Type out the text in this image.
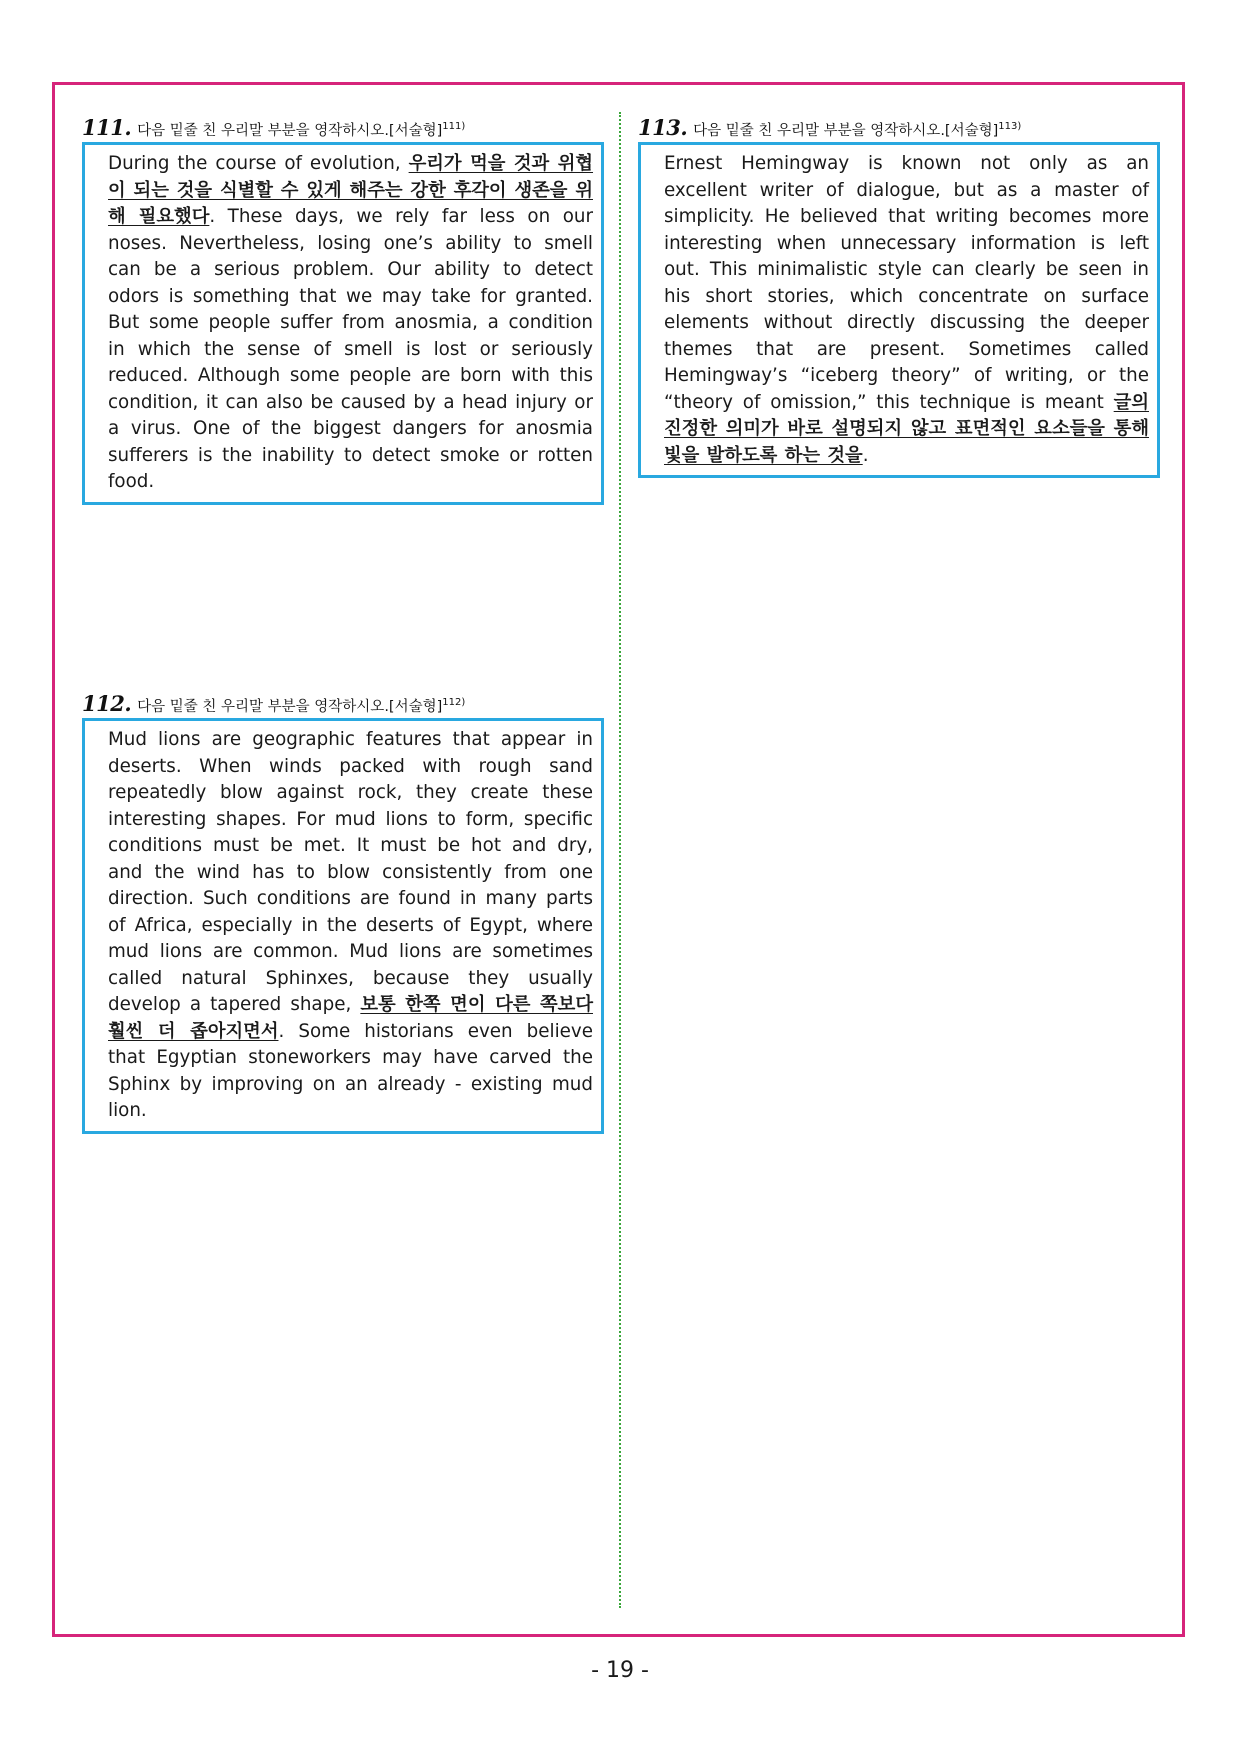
111. 다음 밑줄 친 우리말 부분을 영작하시오.[서술형]$^{111)}$
During the course of evolution, 우리가 먹을 것과 위협이 되는 것을 식별할 수 있게 해주는 강한 후각이 생존을 위해 필요했다. These days, we rely far less on our noses. Nevertheless, losing one’s ability to smell can be a serious problem. Our ability to detect odors is something that we may take for granted. But some people suffer from anosmia, a condition in which the sense of smell is lost or seriously reduced. Although some people are born with this condition, it can also be caused by a head injury or a virus. One of the biggest dangers for anosmia sufferers is the inability to detect smoke or rotten food.
112. 다음 밑줄 친 우리말 부분을 영작하시오.[서술형]$^{112)}$
Mud lions are geographic features that appear in deserts. When winds packed with rough sand repeatedly blow against rock, they create these interesting shapes. For mud lions to form, specific conditions must be met. It must be hot and dry, and the wind has to blow consistently from one direction. Such conditions are found in many parts of Africa, especially in the deserts of Egypt, where mud lions are common. Mud lions are sometimes called natural Sphinxes, because they usually develop a tapered shape, 보통 한쪽 면이 다른 쪽보다 훨씬 더 좁아지면서. Some historians even believe that Egyptian stoneworkers may have carved the Sphinx by improving on an already - existing mud lion.
113. 다음 밑줄 친 우리말 부분을 영작하시오.[서술형]$^{113)}$
Ernest Hemingway is known not only as an excellent writer of dialogue, but as a master of simplicity. He believed that writing becomes more interesting when unnecessary information is left out. This minimalistic style can clearly be seen in his short stories, which concentrate on surface elements without directly discussing the deeper themes that are present. Sometimes called Hemingway’s “iceberg theory” of writing, or the “theory of omission,” this technique is meant 글의 진정한 의미가 바로 설명되지 않고 표면적인 요소들을 통해 빛을 발하도록 하는 것을.
- 19 -
